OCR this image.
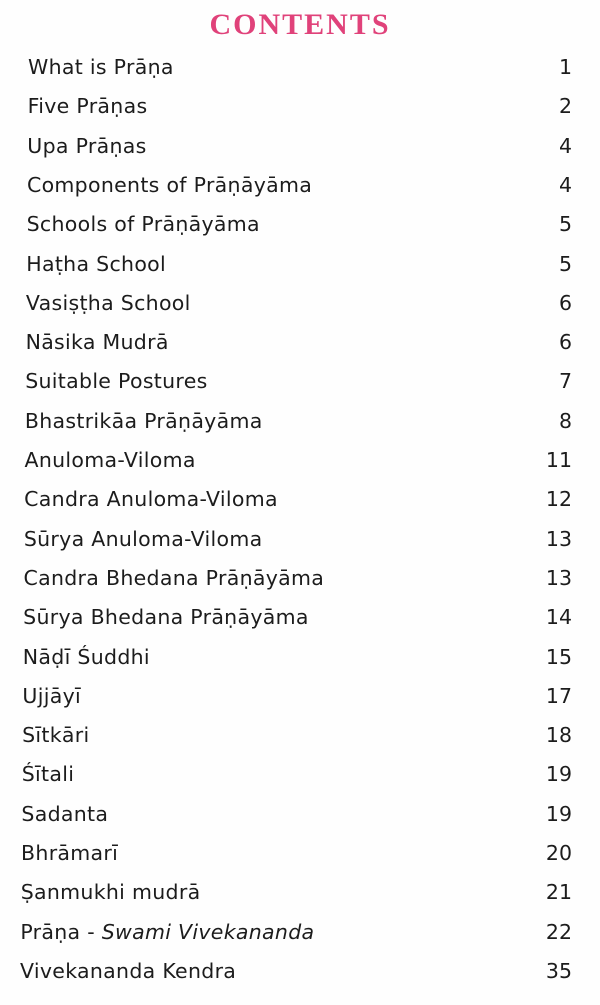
CONTENTS
What is Prāṇa	1
Five Prāṇas	2
Upa Prāṇas	4
Components of Prāṇāyāma	4
Schools of Prāṇāyāma	5
Haṭha School	5
Vasiṣṭha School	6
Nāsika Mudrā	6
Suitable Postures	7
Bhastrikāa Prāṇāyāma	8
Anuloma-Viloma	11
Candra Anuloma-Viloma	12
Sūrya Anuloma-Viloma	13
Candra Bhedana Prāṇāyāma	13
Sūrya Bhedana Prāṇāyāma	14
Nāḍī Śuddhi	15
Ujjāyī	17
Sītkāri	18
Śītali	19
Sadanta	19
Bhrāmarī	20
Ṣanmukhi mudrā	21
Prāṇa - Swami Vivekananda	22
Vivekananda Kendra	35
